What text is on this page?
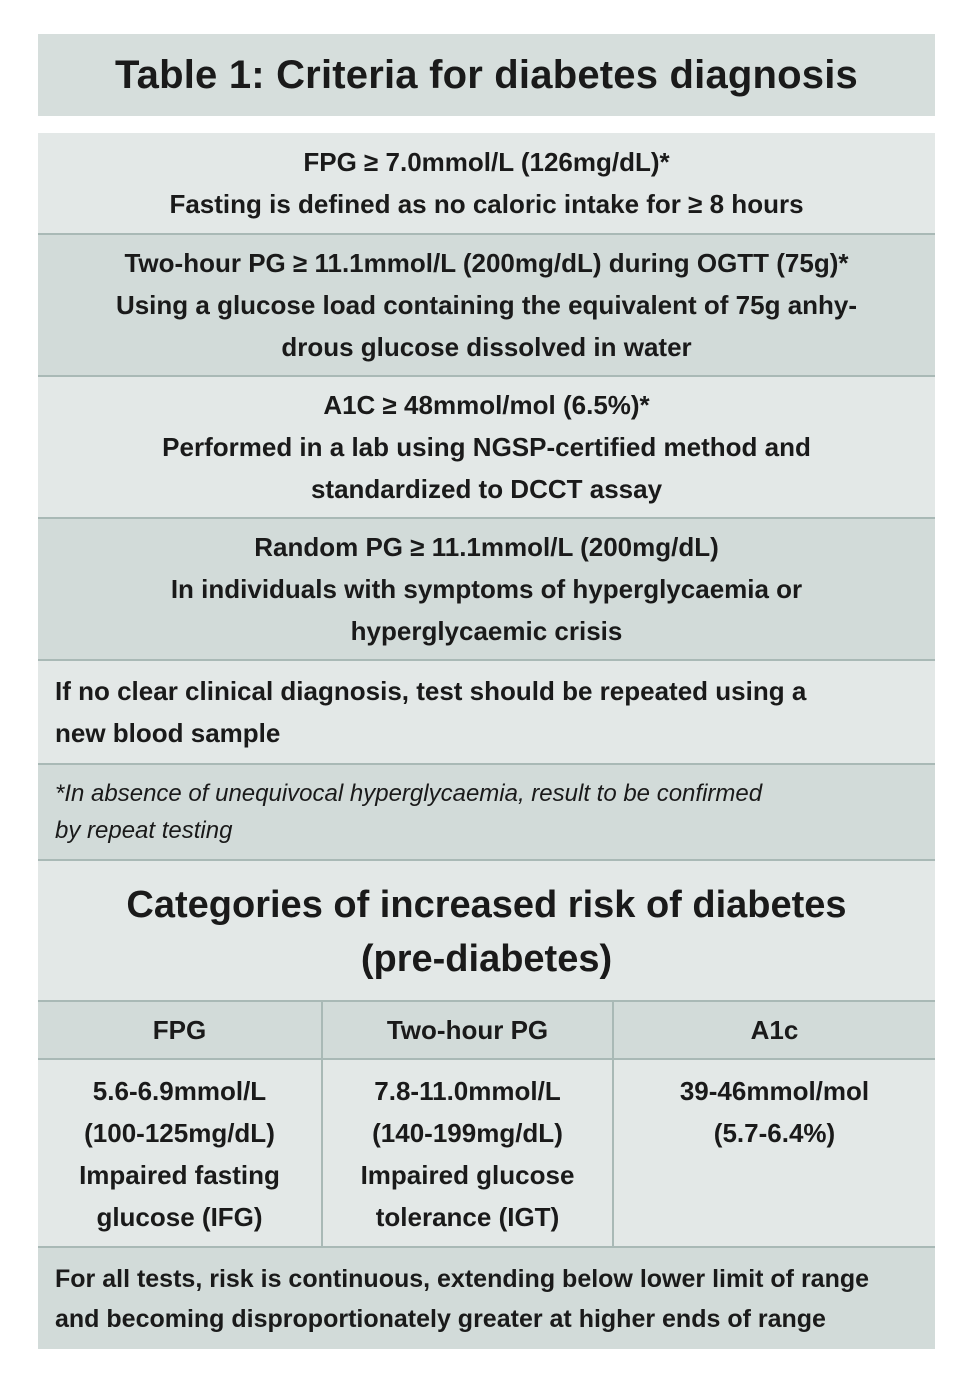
Table 1: Criteria for diabetes diagnosis
FPG ≥ 7.0mmol/L (126mg/dL)*
Fasting is defined as no caloric intake for ≥ 8 hours
Two-hour PG ≥ 11.1mmol/L (200mg/dL) during OGTT (75g)*
Using a glucose load containing the equivalent of 75g anhy-
drous glucose dissolved in water
A1C ≥ 48mmol/mol (6.5%)*
Performed in a lab using NGSP-certified method and
standardized to DCCT assay
Random PG ≥ 11.1mmol/L (200mg/dL)
In individuals with symptoms of hyperglycaemia or
hyperglycaemic crisis
If no clear clinical diagnosis, test should be repeated using a
new blood sample
*In absence of unequivocal hyperglycaemia, result to be confirmed
by repeat testing
Categories of increased risk of diabetes
(pre-diabetes)
FPG
5.6-6.9mmol/L
(100-125mg/dL)
Impaired fasting
glucose (IFG)
Two-hour PG
7.8-11.0mmol/L
(140-199mg/dL)
Impaired glucose
tolerance (IGT)
A1c
39-46mmol/mol
(5.7-6.4%)
For all tests, risk is continuous, extending below lower limit of range
and becoming disproportionately greater at higher ends of range
